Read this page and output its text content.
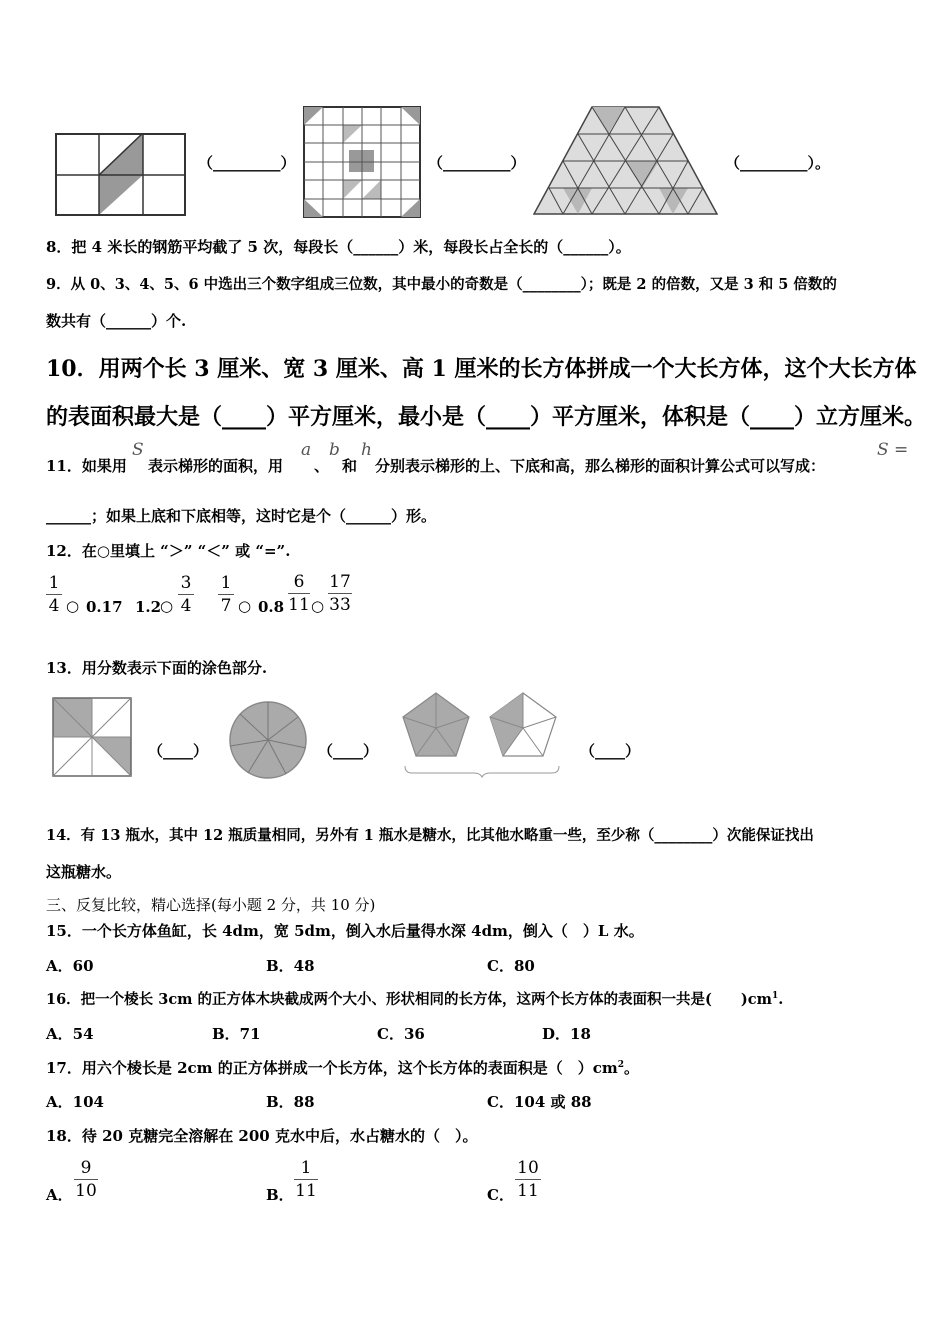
（_________）	（_________）	（_________）。
8．把 4 米长的钢筋平均截了 5 次，每段长（______）米，每段长占全长的（______）。
9．从 0、3、4、5、6 中选出三个数字组成三位数，其中最小的奇数是（________）；既是 2 的倍数，又是 3 和 5 倍数的
数共有（______）个.
10．用两个长 3 厘米、宽 3 厘米、高 1 厘米的长方体拼成一个大长方体，这个大长方体
的表面积最大是（____）平方厘米，最小是（____）平方厘米，体积是（____）立方厘米。
11．如果用
S
表示梯形的面积，用
a
、
b
和
h
分别表示梯形的上、下底和高，那么梯形的面积计算公式可以写成：
S =
______；如果上底和下底相等，这时它是个（______）形。
12．在○里填上 “＞” “＜” 或 “=”.
1
4 ○ 0.17 1.2
○
3
4
1
7 ○ 0.8
6
11 ○
17
33
13．用分数表示下面的涂色部分.
（____）	（____）	（____）
14．有 13 瓶水，其中 12 瓶质量相同，另外有 1 瓶水是糖水，比其他水略重一些，至少称（________）次能保证找出
这瓶糖水。
三、反复比较，精心选择(每小题 2 分，共 10 分)
15．一个长方体鱼缸，长 4dm，宽 5dm，倒入水后量得水深 4dm，倒入（　）L 水。
A．60	B．48	C．80
16．把一个棱长 3cm 的正方体木块截成两个大小、形状相同的长方体，这两个长方体的表面积一共是(　　)$cm^1$.
A．54	B．71	C．36	D．18
17．用六个棱长是 2cm 的正方体拼成一个长方体，这个长方体的表面积是（　）$cm^2$。
A．104	B．88	C．104 或 88
18．待 20 克糖完全溶解在 200 克水中后，水占糖水的（　）。
A．
9
10	B．
1
11	C．
10
11
